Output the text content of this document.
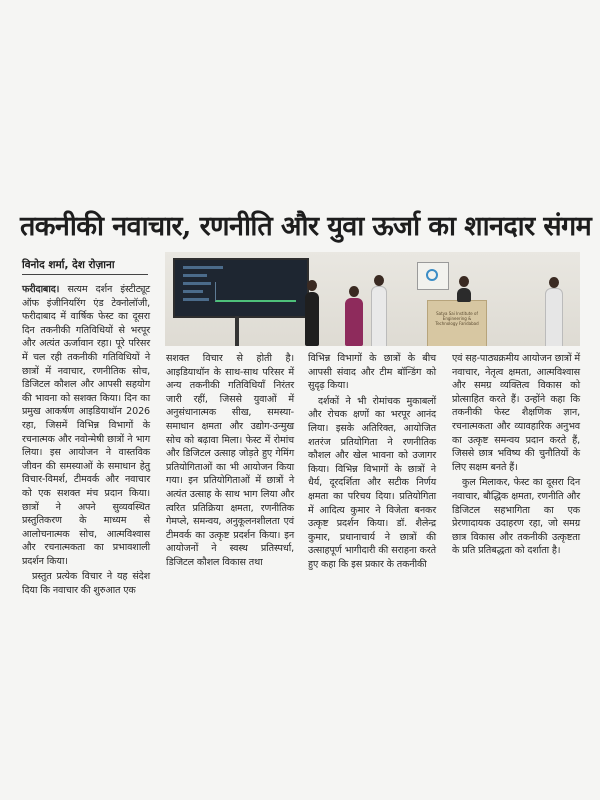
तकनीकी नवाचार, रणनीति और युवा ऊर्जा का शानदार संगम
विनोद शर्मा, देश रोज़ाना
Satya Sai Institute of Engineering & Technology Faridabad

फरीदाबाद। सत्यम दर्शन इंस्टीट्यूट ऑफ इंजीनियरिंग एंड टेक्नोलॉजी, फरीदाबाद में वार्षिक फेस्ट का दूसरा दिन तकनीकी गतिविधियों से भरपूर और अत्यंत ऊर्जावान रहा। पूरे परिसर में चल रही तकनीकी गतिविधियों ने छात्रों में नवाचार, रणनीतिक सोच, डिजिटल कौशल और आपसी सहयोग की भावना को सशक्त किया। दिन का प्रमुख आकर्षण आइडियाथॉन 2026 रहा, जिसमें विभिन्न विभागों के रचनात्मक और नवोन्मेषी छात्रों ने भाग लिया। इस आयोजन ने वास्तविक जीवन की समस्याओं के समाधान हेतु विचार-विमर्श, टीमवर्क और नवाचार को एक सशक्त मंच प्रदान किया। छात्रों ने अपने सुव्यवस्थित प्रस्तुतिकरण के माध्यम से आलोचनात्मक सोच, आत्मविश्वास और रचनात्मकता का प्रभावशाली प्रदर्शन किया।

प्रस्तुत प्रत्येक विचार ने यह संदेश दिया कि नवाचार की शुरुआत एक

सशक्त विचार से होती है। आइडियाथॉन के साथ-साथ परिसर में अन्य तकनीकी गतिविधियाँ निरंतर जारी रहीं, जिससे युवाओं में अनुसंधानात्मक सीख, समस्या-समाधान क्षमता और उद्योग-उन्मुख सोच को बढ़ावा मिला। फेस्ट में रोमांच और डिजिटल उत्साह जोड़ते हुए गेमिंग प्रतियोगिताओं का भी आयोजन किया गया। इन प्रतियोगिताओं में छात्रों ने अत्यंत उत्साह के साथ भाग लिया और त्वरित प्रतिक्रिया क्षमता, रणनीतिक गेमप्ले, समन्वय, अनुकूलनशीलता एवं टीमवर्क का उत्कृष्ट प्रदर्शन किया। इन आयोजनों ने स्वस्थ प्रतिस्पर्धा, डिजिटल कौशल विकास तथा

विभिन्न विभागों के छात्रों के बीच आपसी संवाद और टीम बॉन्डिंग को सुदृढ़ किया।

दर्शकों ने भी रोमांचक मुकाबलों और रोचक क्षणों का भरपूर आनंद लिया। इसके अतिरिक्त, आयोजित शतरंज प्रतियोगिता ने रणनीतिक कौशल और खेल भावना को उजागर किया। विभिन्न विभागों के छात्रों ने धैर्य, दूरदर्शिता और सटीक निर्णय क्षमता का परिचय दिया। प्रतियोगिता में आदित्य कुमार ने विजेता बनकर उत्कृष्ट प्रदर्शन किया। डॉ. शैलेन्द्र कुमार, प्रधानाचार्य ने छात्रों की उत्साहपूर्ण भागीदारी की सराहना करते हुए कहा कि इस प्रकार के तकनीकी

एवं सह-पाठ्यक्रमीय आयोजन छात्रों में नवाचार, नेतृत्व क्षमता, आत्मविश्वास और समग्र व्यक्तित्व विकास को प्रोत्साहित करते हैं। उन्होंने कहा कि तकनीकी फेस्ट शैक्षणिक ज्ञान, रचनात्मकता और व्यावहारिक अनुभव का उत्कृष्ट समन्वय प्रदान करते हैं, जिससे छात्र भविष्य की चुनौतियों के लिए सक्षम बनते हैं।

कुल मिलाकर, फेस्ट का दूसरा दिन नवाचार, बौद्धिक क्षमता, रणनीति और डिजिटल सहभागिता का एक प्रेरणादायक उदाहरण रहा, जो समग्र छात्र विकास और तकनीकी उत्कृष्टता के प्रति प्रतिबद्धता को दर्शाता है।
